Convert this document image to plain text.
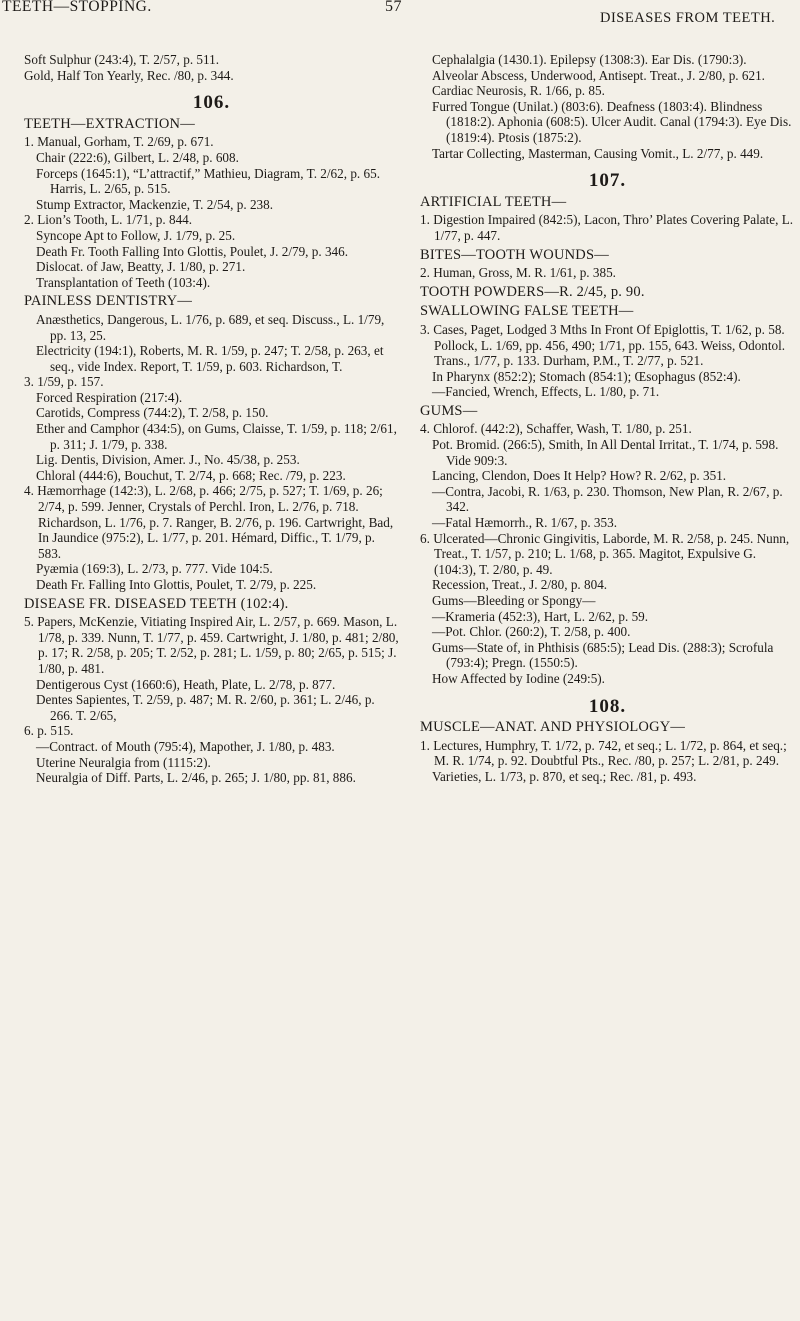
TEETH—STOPPING.	57
DISEASES FROM TEETH.
Soft Sulphur (243:4), T. 2/57, p. 511.
Gold, Half Ton Yearly, Rec. /80, p. 344.
106.
TEETH—EXTRACTION—
1. Manual, Gorham, T. 2/69, p. 671.
Chair (222:6), Gilbert, L. 2/48, p. 608.
Forceps (1645:1), “L’attractif,” Mathieu, Diagram, T. 2/62, p. 65. Harris, L. 2/65, p. 515.
Stump Extractor, Mackenzie, T. 2/54, p. 238.
2. Lion’s Tooth, L. 1/71, p. 844.
Syncope Apt to Follow, J. 1/79, p. 25.
Death Fr. Tooth Falling Into Glottis, Poulet, J. 2/79, p. 346.
Dislocat. of Jaw, Beatty, J. 1/80, p. 271.
Transplantation of Teeth (103:4).
PAINLESS DENTISTRY—
Anæsthetics, Dangerous, L. 1/76, p. 689, et seq. Discuss., L. 1/79, pp. 13, 25.
Electricity (194:1), Roberts, M. R. 1/59, p. 247; T. 2/58, p. 263, et seq., vide Index. Report, T. 1/59, p. 603. Richardson, T.
3. 1/59, p. 157.
Forced Respiration (217:4).
Carotids, Compress (744:2), T. 2/58, p. 150.
Ether and Camphor (434:5), on Gums, Claisse, T. 1/59, p. 118; 2/61, p. 311; J. 1/79, p. 338.
Lig. Dentis, Division, Amer. J., No. 45/38, p. 253.
Chloral (444:6), Bouchut, T. 2/74, p. 668; Rec. /79, p. 223.
4. Hæmorrhage (142:3), L. 2/68, p. 466; 2/75, p. 527; T. 1/69, p. 26; 2/74, p. 599. Jenner, Crystals of Perchl. Iron, L. 2/76, p. 718. Richardson, L. 1/76, p. 7. Ranger, B. 2/76, p. 196. Cartwright, Bad, In Jaundice (975:2), L. 1/77, p. 201. Hémard, Diffic., T. 1/79, p. 583.
Pyæmia (169:3), L. 2/73, p. 777. Vide 104:5.
Death Fr. Falling Into Glottis, Poulet, T. 2/79, p. 225.
DISEASE FR. DISEASED TEETH (102:4).
5. Papers, McKenzie, Vitiating Inspired Air, L. 2/57, p. 669. Mason, L. 1/78, p. 339. Nunn, T. 1/77, p. 459. Cartwright, J. 1/80, p. 481; 2/80, p. 17; R. 2/58, p. 205; T. 2/52, p. 281; L. 1/59, p. 80; 2/65, p. 515; J. 1/80, p. 481.
Dentigerous Cyst (1660:6), Heath, Plate, L. 2/78, p. 877.
Dentes Sapientes, T. 2/59, p. 487; M. R. 2/60, p. 361; L. 2/46, p. 266. T. 2/65,
6. p. 515.
—Contract. of Mouth (795:4), Mapother, J. 1/80, p. 483.
Uterine Neuralgia from (1115:2).
Neuralgia of Diff. Parts, L. 2/46, p. 265; J. 1/80, pp. 81, 886.
Cephalalgia (1430.1). Epilepsy (1308:3). Ear Dis. (1790:3).
Alveolar Abscess, Underwood, Antisept. Treat., J. 2/80, p. 621.
Cardiac Neurosis, R. 1/66, p. 85.
Furred Tongue (Unilat.) (803:6). Deafness (1803:4). Blindness (1818:2). Aphonia (608:5). Ulcer Audit. Canal (1794:3). Eye Dis. (1819:4). Ptosis (1875:2).
Tartar Collecting, Masterman, Causing Vomit., L. 2/77, p. 449.
107.
ARTIFICIAL TEETH—
1. Digestion Impaired (842:5), Lacon, Thro’ Plates Covering Palate, L. 1/77, p. 447.
BITES—TOOTH WOUNDS—
2. Human, Gross, M. R. 1/61, p. 385.
TOOTH POWDERS—R. 2/45, p. 90.
SWALLOWING FALSE TEETH—
3. Cases, Paget, Lodged 3 Mths In Front Of Epiglottis, T. 1/62, p. 58. Pollock, L. 1/69, pp. 456, 490; 1/71, pp. 155, 643. Weiss, Odontol. Trans., 1/77, p. 133. Durham, P.M., T. 2/77, p. 521.
In Pharynx (852:2); Stomach (854:1); Œsophagus (852:4).
—Fancied, Wrench, Effects, L. 1/80, p. 71.
GUMS—
4. Chlorof. (442:2), Schaffer, Wash, T. 1/80, p. 251.
Pot. Bromid. (266:5), Smith, In All Dental Irritat., T. 1/74, p. 598. Vide 909:3.
Lancing, Clendon, Does It Help? How? R. 2/62, p. 351.
—Contra, Jacobi, R. 1/63, p. 230. Thomson, New Plan, R. 2/67, p. 342.
—Fatal Hæmorrh., R. 1/67, p. 353.
6. Ulcerated—Chronic Gingivitis, Laborde, M. R. 2/58, p. 245. Nunn, Treat., T. 1/57, p. 210; L. 1/68, p. 365. Magitot, Expulsive G. (104:3), T. 2/80, p. 49.
Recession, Treat., J. 2/80, p. 804.
Gums—Bleeding or Spongy—
—Krameria (452:3), Hart, L. 2/62, p. 59.
—Pot. Chlor. (260:2), T. 2/58, p. 400.
Gums—State of, in Phthisis (685:5); Lead Dis. (288:3); Scrofula (793:4); Pregn. (1550:5).
How Affected by Iodine (249:5).
108.
MUSCLE—ANAT. AND PHYSIOLOGY—
1. Lectures, Humphry, T. 1/72, p. 742, et seq.; L. 1/72, p. 864, et seq.; M. R. 1/74, p. 92. Doubtful Pts., Rec. /80, p. 257; L. 2/81, p. 249.
Varieties, L. 1/73, p. 870, et seq.; Rec. /81, p. 493.
